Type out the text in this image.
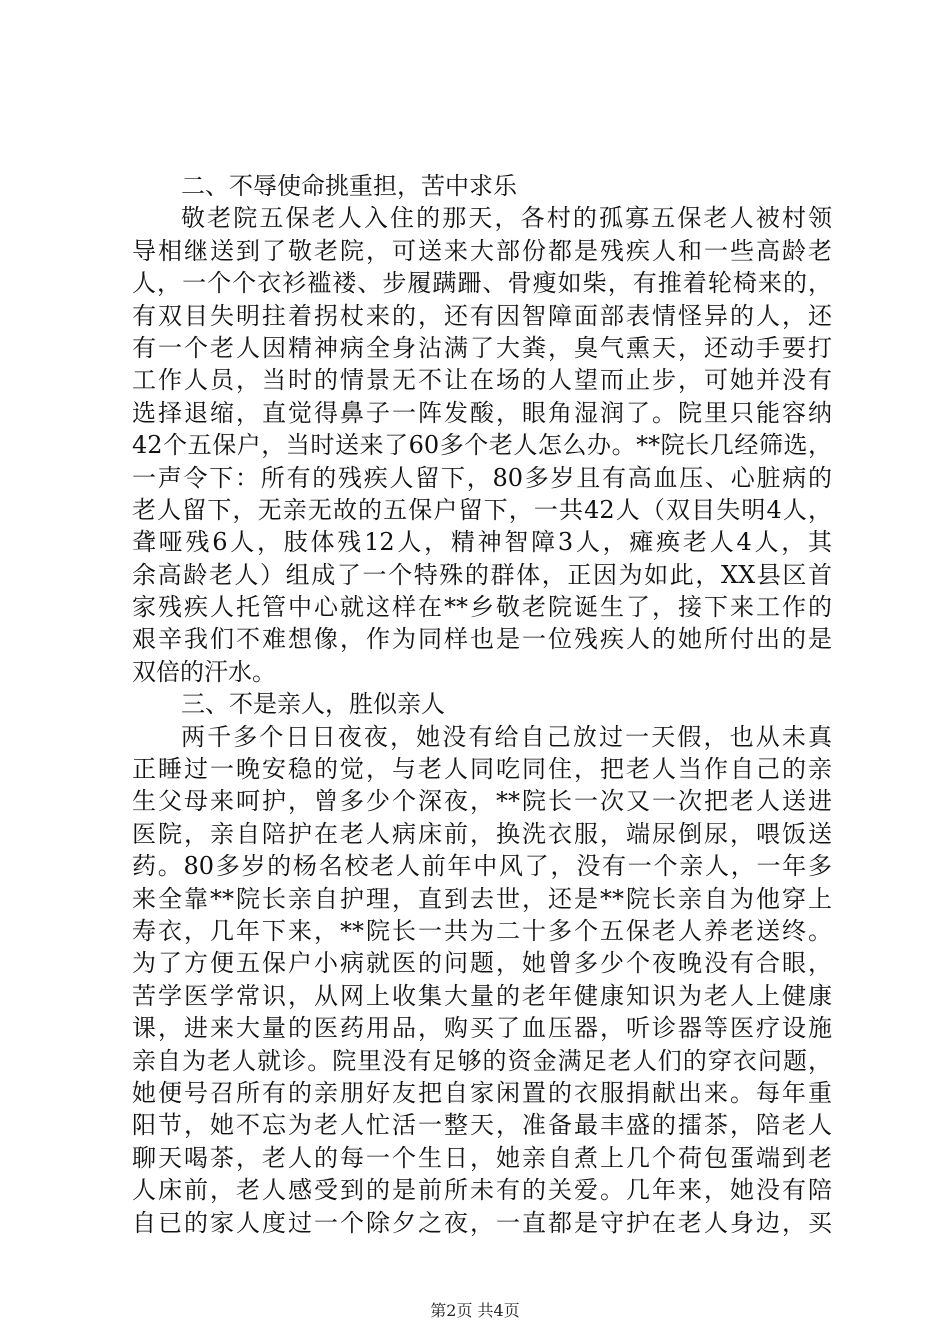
二、不辱使命挑重担，苦中求乐
敬老院五保老人入住的那天，各村的孤寡五保老人被村领
导相继送到了敬老院，可送来大部份都是残疾人和一些高龄老
人，一个个衣衫褴褛、步履蹒跚、骨瘦如柴，有推着轮椅来的，
有双目失明拄着拐杖来的，还有因智障面部表情怪异的人，还
有一个老人因精神病全身沾满了大粪，臭气熏天，还动手要打
工作人员，当时的情景无不让在场的人望而止步，可她并没有
选择退缩，直觉得鼻子一阵发酸，眼角湿润了。院里只能容纳
42个五保户，当时送来了60多个老人怎么办。**院长几经筛选，
一声令下：所有的残疾人留下，80多岁且有高血压、心脏病的
老人留下，无亲无故的五保户留下，一共42人（双目失明4人，
聋哑残6人，肢体残12人，精神智障3人，瘫痪老人4人，其
余高龄老人）组成了一个特殊的群体，正因为如此，XX县区首
家残疾人托管中心就这样在**乡敬老院诞生了，接下来工作的
艰辛我们不难想像，作为同样也是一位残疾人的她所付出的是
双倍的汗水。
三、不是亲人，胜似亲人
两千多个日日夜夜，她没有给自己放过一天假，也从未真
正睡过一晚安稳的觉，与老人同吃同住，把老人当作自己的亲
生父母来呵护，曾多少个深夜，**院长一次又一次把老人送进
医院，亲自陪护在老人病床前，换洗衣服，端尿倒尿，喂饭送
药。80多岁的杨名校老人前年中风了，没有一个亲人，一年多
来全靠**院长亲自护理，直到去世，还是**院长亲自为他穿上
寿衣，几年下来，**院长一共为二十多个五保老人养老送终。
为了方便五保户小病就医的问题，她曾多少个夜晚没有合眼，
苦学医学常识，从网上收集大量的老年健康知识为老人上健康
课，进来大量的医药用品，购买了血压器，听诊器等医疗设施
亲自为老人就诊。院里没有足够的资金满足老人们的穿衣问题，
她便号召所有的亲朋好友把自家闲置的衣服捐献出来。每年重
阳节，她不忘为老人忙活一整天，准备最丰盛的擂茶，陪老人
聊天喝茶，老人的每一个生日，她亲自煮上几个荷包蛋端到老
人床前，老人感受到的是前所未有的关爱。几年来，她没有陪
自已的家人度过一个除夕之夜，一直都是守护在老人身边，买
第2页 共4页
